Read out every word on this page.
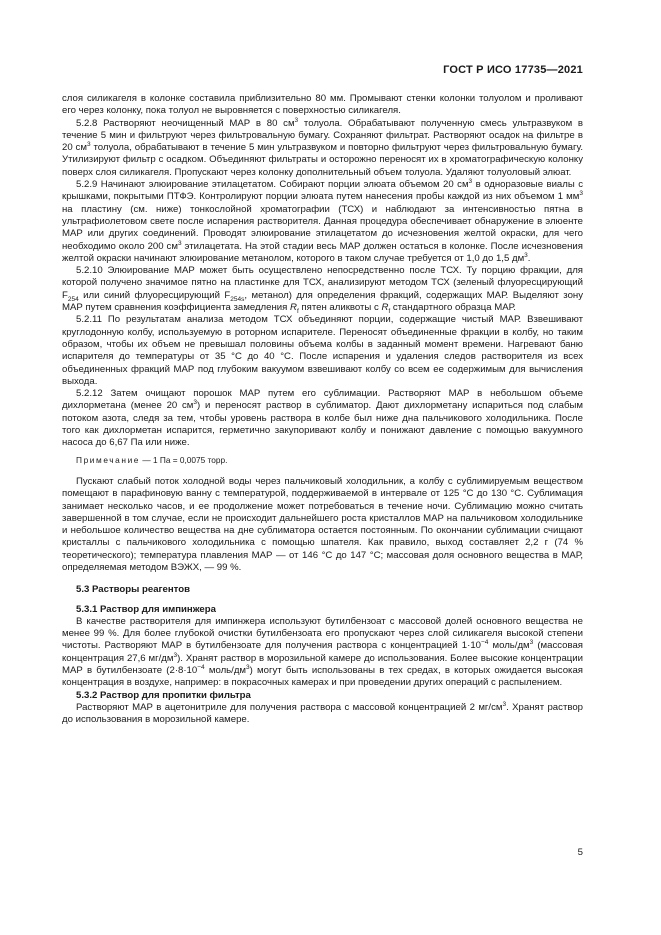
ГОСТ Р ИСО 17735—2021

слоя силикагеля в колонке составила приблизительно 80 мм. Промывают стенки колонки толуолом и проливают его через колонку, пока толуол не выровняется с поверхностью силикагеля.

5.2.8 Растворяют неочищенный МАР в 80 $см^3$ толуола. Обрабатывают полученную смесь ультразвуком в течение 5 мин и фильтруют через фильтровальную бумагу. Сохраняют фильтрат. Растворяют осадок на фильтре в 20 $см^3$ толуола, обрабатывают в течение 5 мин ультразвуком и повторно фильтруют через фильтровальную бумагу. Утилизируют фильтр с осадком. Объединяют фильтраты и осторожно переносят их в хроматографическую колонку поверх слоя силикагеля. Пропускают через колонку дополнительный объем толуола. Удаляют толуоловый элюат.

5.2.9 Начинают элюирование этилацетатом. Собирают порции элюата объемом 20 $см^3$ в одноразовые виалы с крышками, покрытыми ПТФЭ. Контролируют порции элюата путем нанесения пробы каждой из них объемом 1 $мм^3$ на пластину (см. ниже) тонкослойной хроматографии (ТСХ) и наблюдают за интенсивностью пятна в ультрафиолетовом свете после испарения растворителя. Данная процедура обеспечивает обнаружение в элюенте МАР или других соединений. Проводят элюирование этилацетатом до исчезновения желтой окраски, для чего необходимо около 200 $см^3$ этилацетата. На этой стадии весь МАР должен остаться в колонке. После исчезновения желтой окраски начинают элюирование метанолом, которого в таком случае требуется от 1,0 до 1,5 $дм^3$.

5.2.10 Элюирование МАР может быть осуществлено непосредственно после ТСХ. Ту порцию фракции, для которой получено значимое пятно на пластинке для ТСХ, анализируют методом ТСХ (зеленый флуоресцирующий $F_{254}$ или синий флуоресцирующий $F_{254s}$, метанол) для определения фракций, содержащих МАР. Выделяют зону МАР путем сравнения коэффициента замедления $R_f$ пятен аликвоты с $R_f$ стандартного образца МАР.

5.2.11 По результатам анализа методом ТСХ объединяют порции, содержащие чистый МАР. Взвешивают круглодонную колбу, используемую в роторном испарителе. Переносят объединенные фракции в колбу, но таким образом, чтобы их объем не превышал половины объема колбы в заданный момент времени. Нагревают баню испарителя до температуры от 35 °C до 40 °C. После испарения и удаления следов растворителя из всех объединенных фракций МАР под глубоким вакуумом взвешивают колбу со всем ее содержимым для вычисления выхода.

5.2.12 Затем очищают порошок МАР путем его сублимации. Растворяют МАР в небольшом объеме дихлорметана (менее 20 $см^3$) и переносят раствор в сублиматор. Дают дихлорметану испариться под слабым потоком азота, следя за тем, чтобы уровень раствора в колбе был ниже дна пальчикового холодильника. После того как дихлорметан испарится, герметично закупоривают колбу и понижают давление с помощью вакуумного насоса до 6,67 Па или ниже.

Примечание — 1 Па = 0,0075 торр.

Пускают слабый поток холодной воды через пальчиковый холодильник, а колбу с сублимируемым веществом помещают в парафиновую ванну с температурой, поддерживаемой в интервале от 125 °C до 130 °C. Сублимация занимает несколько часов, и ее продолжение может потребоваться в течение ночи. Сублимацию можно считать завершенной в том случае, если не происходит дальнейшего роста кристаллов МАР на пальчиковом холодильнике и небольшое количество вещества на дне сублиматора остается постоянным. По окончании сублимации счищают кристаллы с пальчикового холодильника с помощью шпателя. Как правило, выход составляет 2,2 г (74 % теоретического); температура плавления МАР — от 146 °C до 147 °C; массовая доля основного вещества в МАР, определяемая методом ВЭЖХ, — 99 %.

5.3 Растворы реагентов

5.3.1 Раствор для импинжера

В качестве растворителя для импинжера используют бутилбензоат с массовой долей основного вещества не менее 99 %. Для более глубокой очистки бутилбензоата его пропускают через слой силикагеля высокой степени чистоты. Растворяют МАР в бутилбензоате для получения раствора с концентрацией $1\cdot 10^{-4}$ моль/$дм^3$ (массовая концентрация 27,6 $мг/дм^3$). Хранят раствор в морозильной камере до использования. Более высокие концентрации МАР в бутилбензоате ($2\cdot 8\cdot 10^{-4}$ моль/$дм^3$) могут быть использованы в тех средах, в которых ожидается высокая концентрация в воздухе, например: в покрасочных камерах и при проведении других операций с распылением.

5.3.2 Раствор для пропитки фильтра

Растворяют МАР в ацетонитриле для получения раствора с массовой концентрацией 2 $мг/см^3$. Хранят раствор до использования в морозильной камере.

5
